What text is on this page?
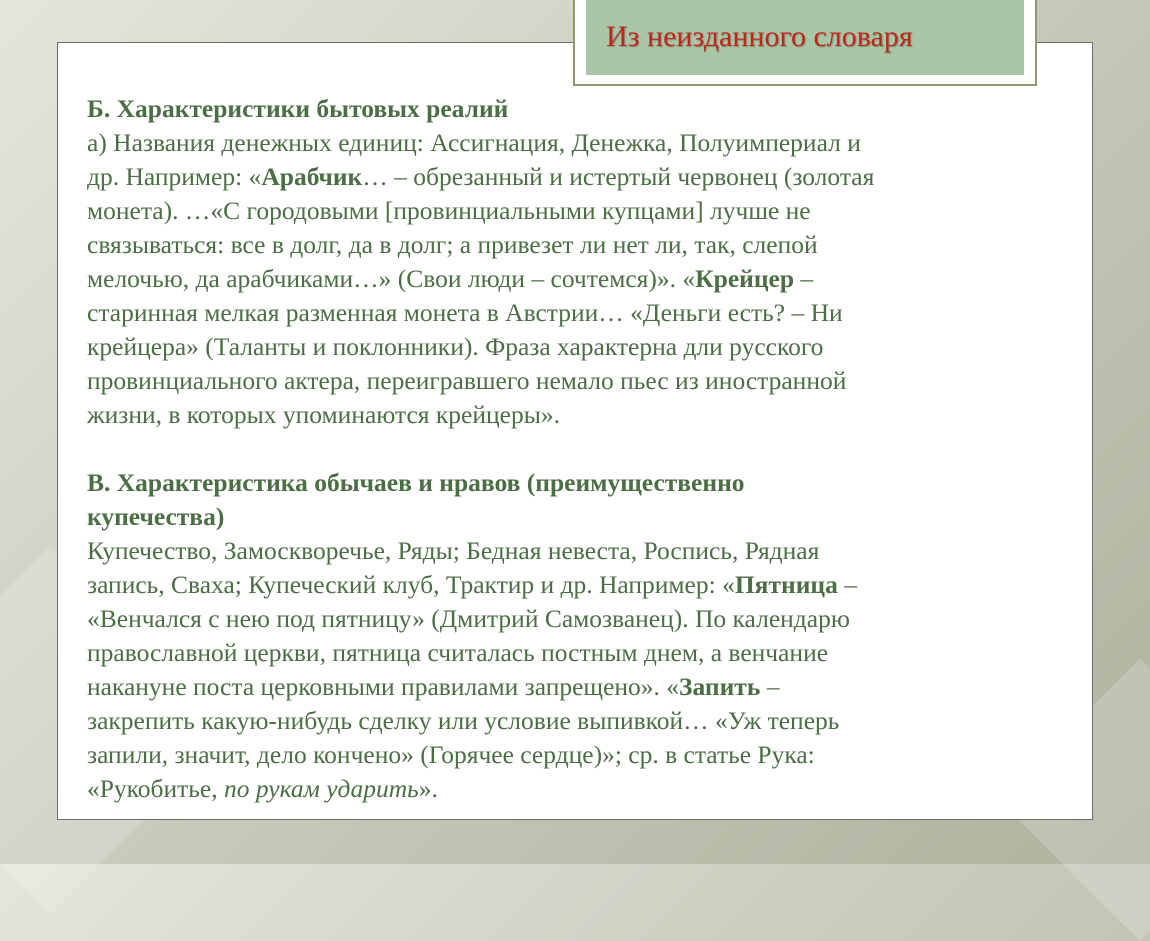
Из неизданного словаря
Б. Характеристики бытовых реалий
а) Названия денежных единиц: Ассигнация, Денежка, Полуимпериал и
др. Например: «Арабчик… – обрезанный и истертый червонец (золотая
монета). …«С городовыми [провинциальными купцами] лучше не
связываться: все в долг, да в долг; а привезет ли нет ли, так, слепой
мелочью, да арабчиками…» (Свои люди – сочтемся)». «Крейцер –
старинная мелкая разменная монета в Австрии… «Деньги есть? – Ни
крейцера» (Таланты и поклонники). Фраза характерна дли русского
провинциального актера, переигравшего немало пьес из иностранной
жизни, в которых упоминаются крейцеры».
В. Характеристика обычаев и нравов (преимущественно
купечества)
Купечество, Замоскворечье, Ряды; Бедная невеста, Роспись, Рядная
запись, Сваха; Купеческий клуб, Трактир и др. Например: «Пятница –
«Венчался с нею под пятницу» (Дмитрий Самозванец). По календарю
православной церкви, пятница считалась постным днем, а венчание
накануне поста церковными правилами запрещено». «Запить –
закрепить какую-нибудь сделку или условие выпивкой… «Уж теперь
запили, значит, дело кончено» (Горячее сердце)»; ср. в статье Рука:
«Рукобитье, по рукам ударить».
